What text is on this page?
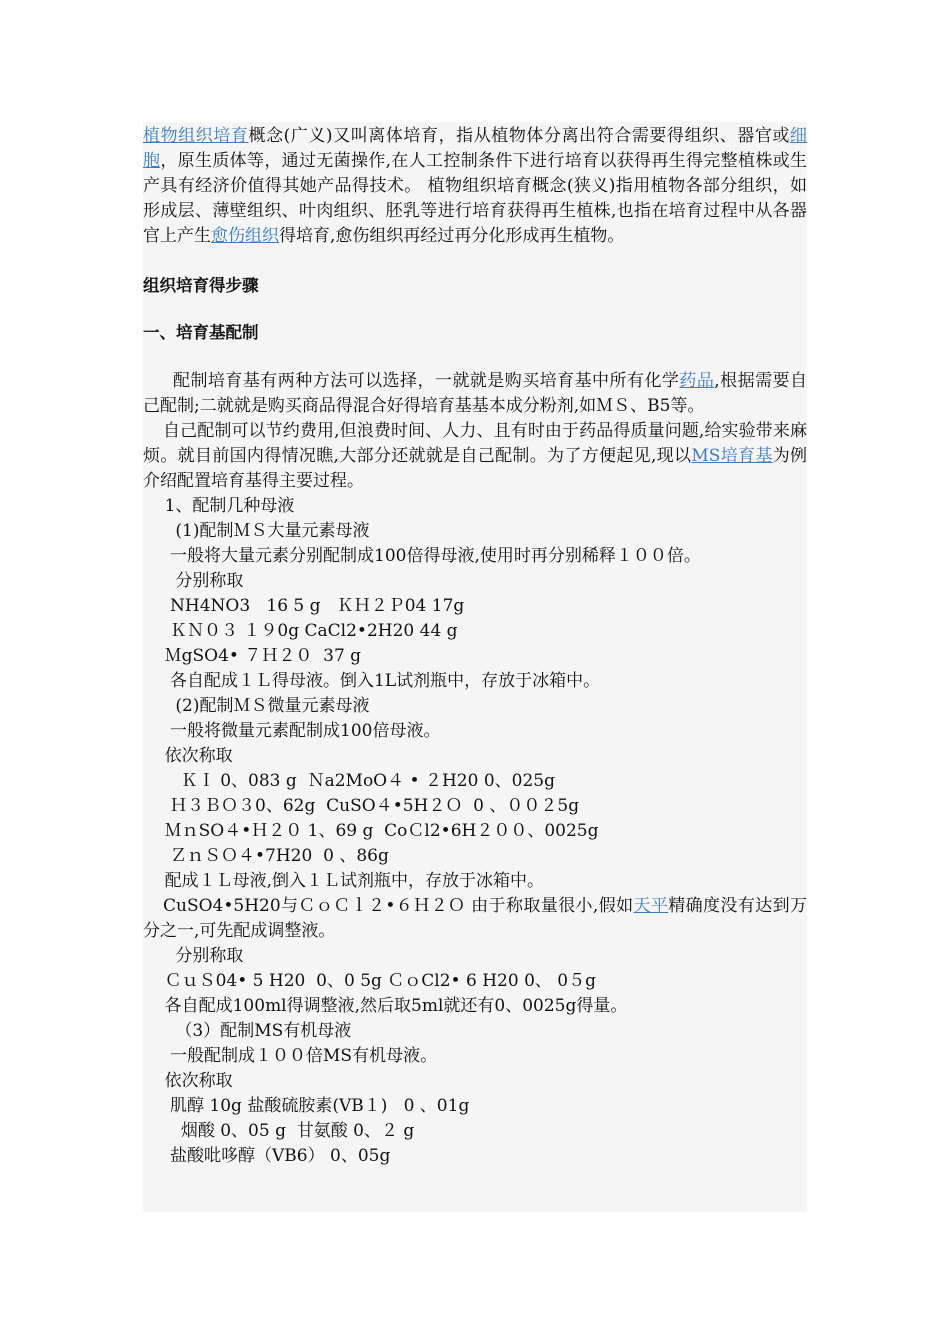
植物组织培育概念(广义)又叫离体培育，指从植物体分离出符合需要得组织、器官或细胞，原生质体等，通过无菌操作,在人工控制条件下进行培育以获得再生得完整植株或生产具有经济价值得其她产品得技术。 植物组织培育概念(狭义)指用植物各部分组织，如形成层、薄壁组织、叶肉组织、胚乳等进行培育获得再生植株,也指在培育过程中从各器官上产生愈伤组织得培育,愈伤组织再经过再分化形成再生植物。

组织培育得步骤

一、培育基配制

配制培育基有两种方法可以选择，一就就是购买培育基中所有化学药品,根据需要自己配制;二就就是购买商品得混合好得培育基基本成分粉剂,如ＭＳ、B5等。

自己配制可以节约费用,但浪费时间、人力、且有时由于药品得质量问题,给实验带来麻烦。就目前国内得情况瞧,大部分还就就是自己配制。为了方便起见,现以MS培育基为例介绍配置培育基得主要过程。

1、配制几种母液

(1)配制ＭＳ大量元素母液

一般将大量元素分别配制成100倍得母液,使用时再分别稀释１００倍。

分别称取

NH4NO3   16 5 g   ＫＨ２Ｐ04 17g

ＫＮ０３ １９0g CaCl2•2H20 44 g

ＭgSO4• ７Ｈ２０  37 g

各自配成１Ｌ得母液。倒入1L试剂瓶中，存放于冰箱中。

(2)配制ＭＳ微量元素母液

一般将微量元素配制成100倍母液。

依次称取

ＫＩ 0、083 g  Ｎa2MoO４ • ２H20 0、025g

Ｈ３ＢＯ３0、62g  CuSO４•5H２Ｏ  0 、００２5g

ＭｎSO４•Ｈ２０ 1、69 g  CoＣl2•6H２００、0025g

ＺｎＳＯ４•7H20  0 、86g

配成１Ｌ母液,倒入１Ｌ试剂瓶中，存放于冰箱中。

CuSO4•5H20与ＣｏＣｌ２•６Ｈ２Ｏ 由于称取量很小,假如天平精确度没有达到万分之一,可先配成调整液。

分别称取

ＣｕＳ04• 5 H20  0、0 5g ＣｏCl2• 6 H20 0、 0５g

各自配成100ml得调整液,然后取5ml就还有0、0025g得量。

（3）配制MS有机母液

一般配制成１００倍MS有机母液。

依次称取

肌醇 10g 盐酸硫胺素(VB１)   0 、01g

烟酸 0、05 g  甘氨酸 0、２ g

盐酸吡哆醇（VB6） 0、05g
